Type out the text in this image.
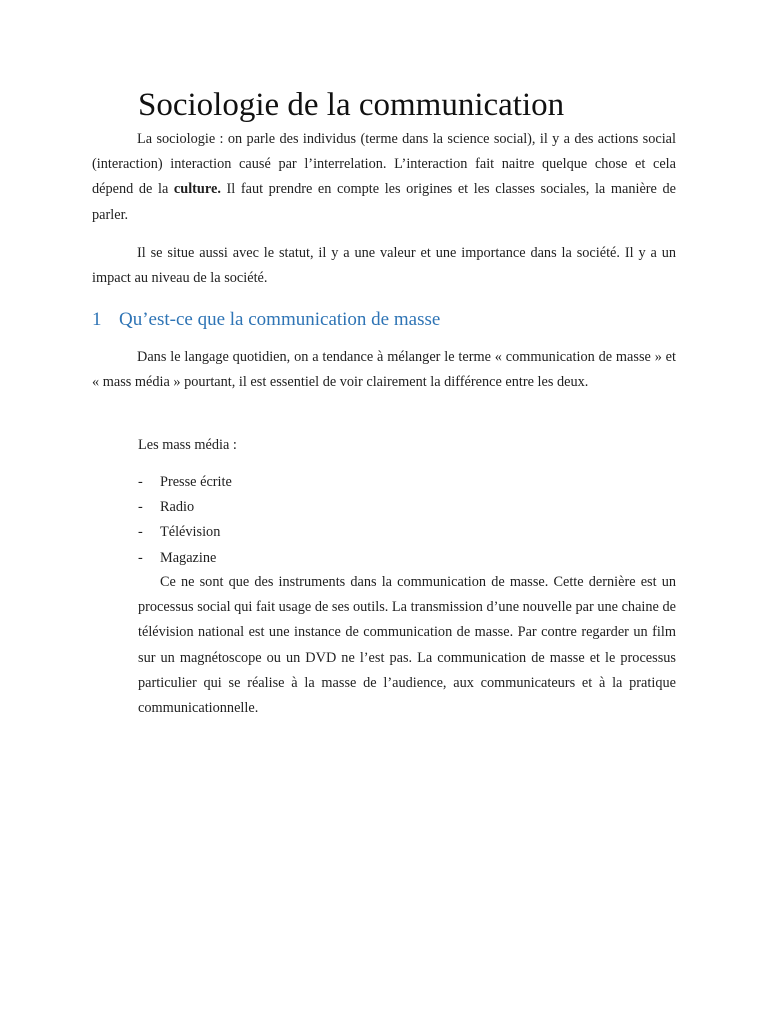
Sociologie de la communication

La sociologie : on parle des individus (terme dans la science social), il y a des actions social (interaction) interaction causé par l’interrelation. L’interaction fait naitre quelque chose et cela dépend de la culture. Il faut prendre en compte les origines et les classes sociales, la manière de parler.

Il se situe aussi avec le statut, il y a une valeur et une importance dans la société. Il y a un impact au niveau de la société.

1 Qu’est-ce que la communication de masse

Dans le langage quotidien, on a tendance à mélanger le terme « communication de masse » et « mass média » pourtant, il est essentiel de voir clairement la différence entre les deux.

Les mass média :

- Presse écrite
- Radio
- Télévision
- Magazine

Ce ne sont que des instruments dans la communication de masse. Cette dernière est un processus social qui fait usage de ses outils. La transmission d’une nouvelle par une chaine de télévision national est une instance de communication de masse. Par contre regarder un film sur un magnétoscope ou un DVD ne l’est pas. La communication de masse et le processus particulier qui se réalise à la masse de l’audience, aux communicateurs et à la pratique communicationnelle.
